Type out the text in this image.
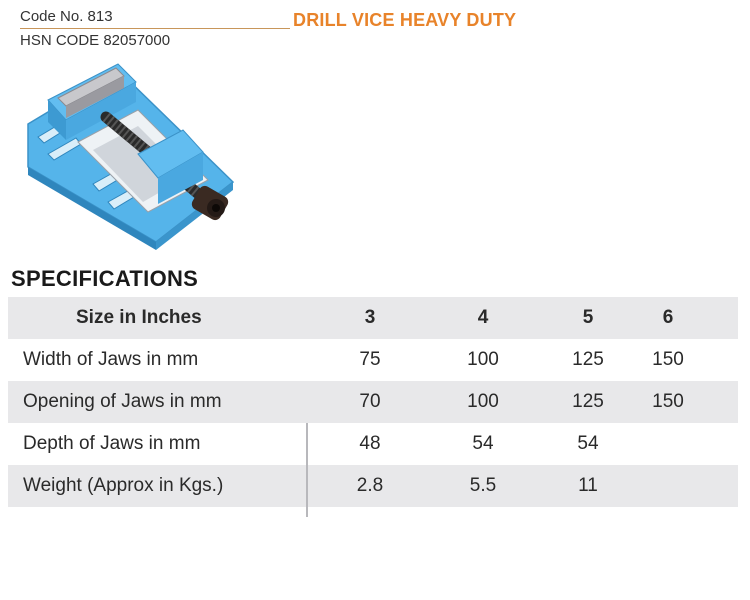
Code No. 813	DRILL VICE HEAVY DUTY
HSN CODE 82057000
SPECIFICATIONS
Size in Inches	3	4	5	6
Width of Jaws in mm	75	100	125	150
Opening of Jaws in mm	70	100	125	150
Depth of Jaws in mm	48	54	54
Weight (Approx in Kgs.)	2.8	5.5	11
